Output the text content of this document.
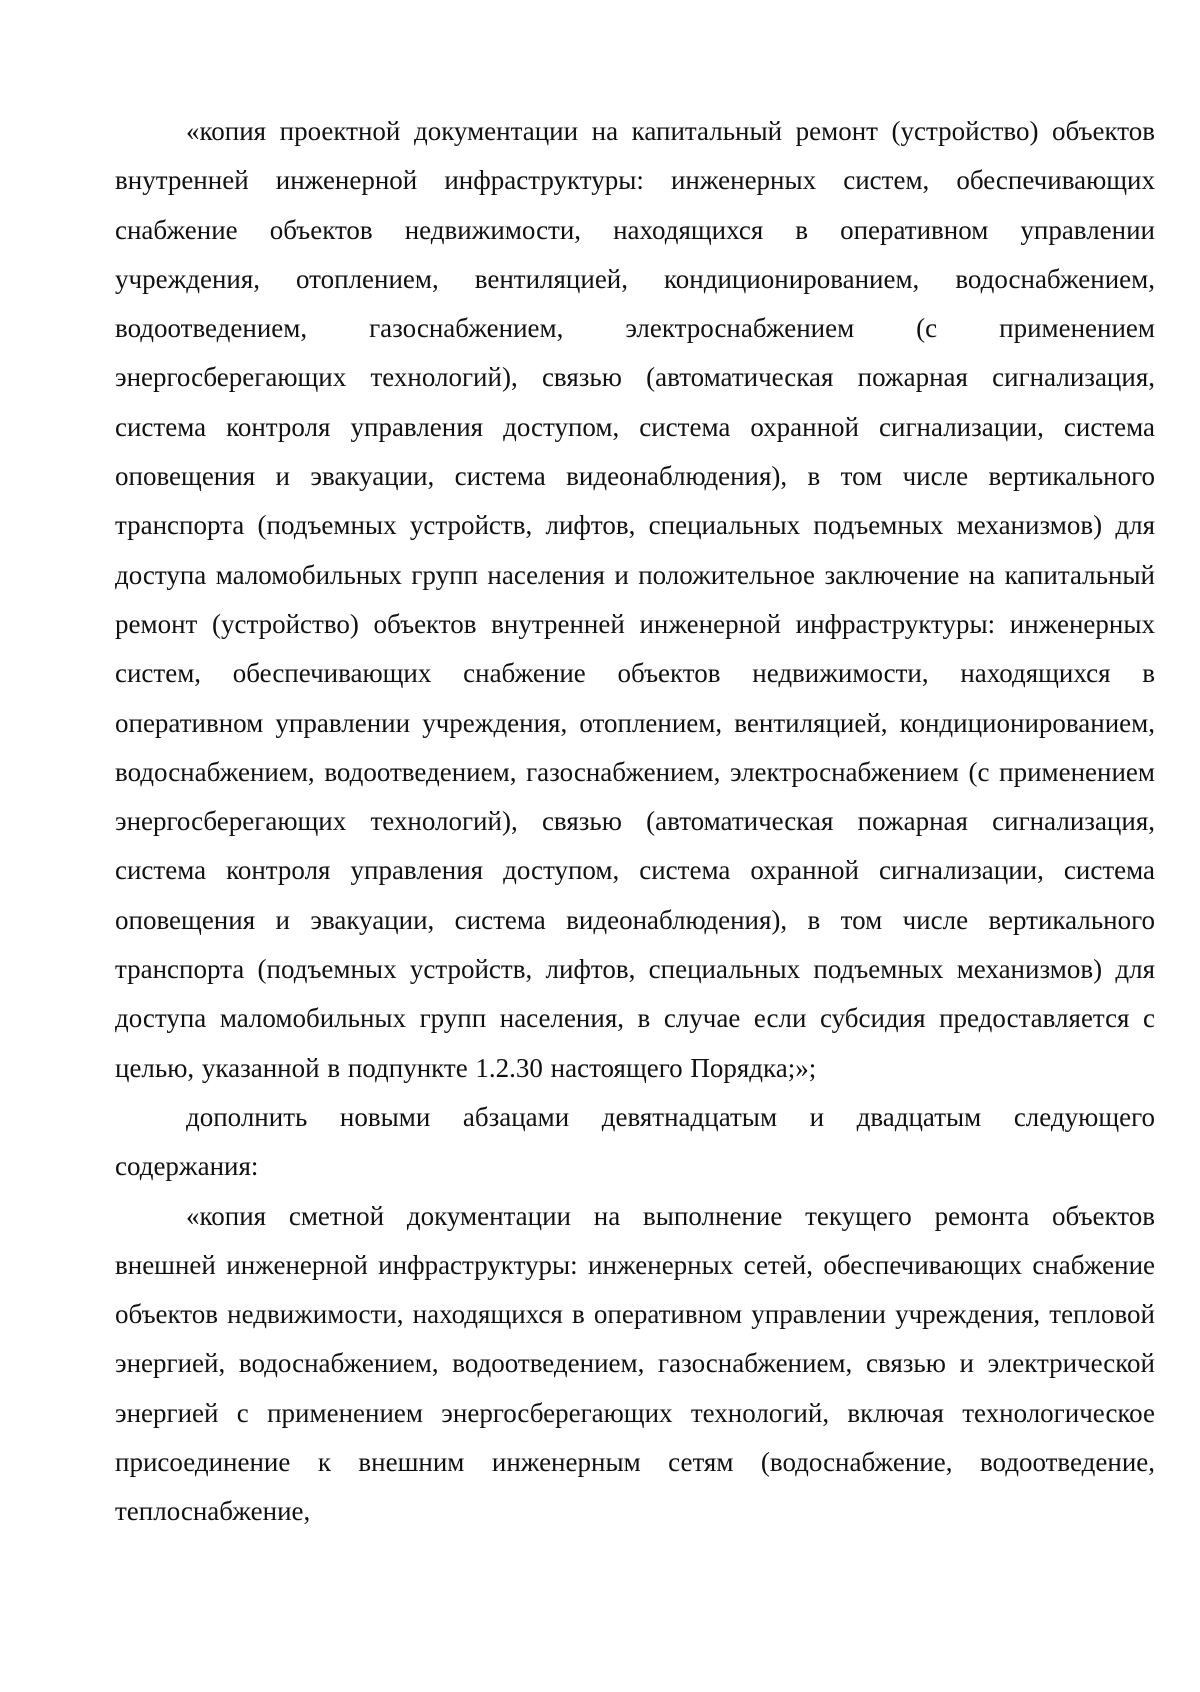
«копия проектной документации на капитальный ремонт (устройство) объектов внутренней инженерной инфраструктуры: инженерных систем, обеспечивающих снабжение объектов недвижимости, находящихся в оперативном управлении учреждения, отоплением, вентиляцией, кондиционированием, водоснабжением, водоотведением, газоснабжением, электроснабжением (с применением энергосберегающих технологий), связью (автоматическая пожарная сигнализация, система контроля управления доступом, система охранной сигнализации, система оповещения и эвакуации, система видеонаблюдения), в том числе вертикального транспорта (подъемных устройств, лифтов, специальных подъемных механизмов) для доступа маломобильных групп населения и положительное заключение на капитальный ремонт (устройство) объектов внутренней инженерной инфраструктуры: инженерных систем, обеспечивающих снабжение объектов недвижимости, находящихся в оперативном управлении учреждения, отоплением, вентиляцией, кондиционированием, водоснабжением, водоотведением, газоснабжением, электроснабжением (с применением энергосберегающих технологий), связью (автоматическая пожарная сигнализация, система контроля управления доступом, система охранной сигнализации, система оповещения и эвакуации, система видеонаблюдения), в том числе вертикального транспорта (подъемных устройств, лифтов, специальных подъемных механизмов) для доступа маломобильных групп населения, в случае если субсидия предоставляется с целью, указанной в подпункте 1.2.30 настоящего Порядка;»;

дополнить новыми абзацами девятнадцатым и двадцатым следующего содержания:

«копия сметной документации на выполнение текущего ремонта объектов внешней инженерной инфраструктуры: инженерных сетей, обеспечивающих снабжение объектов недвижимости, находящихся в оперативном управлении учреждения, тепловой энергией, водоснабжением, водоотведением, газоснабжением, связью и электрической энергией с применением энергосберегающих технологий, включая технологическое присоединение к внешним инженерным сетям (водоснабжение, водоотведение, теплоснабжение,
